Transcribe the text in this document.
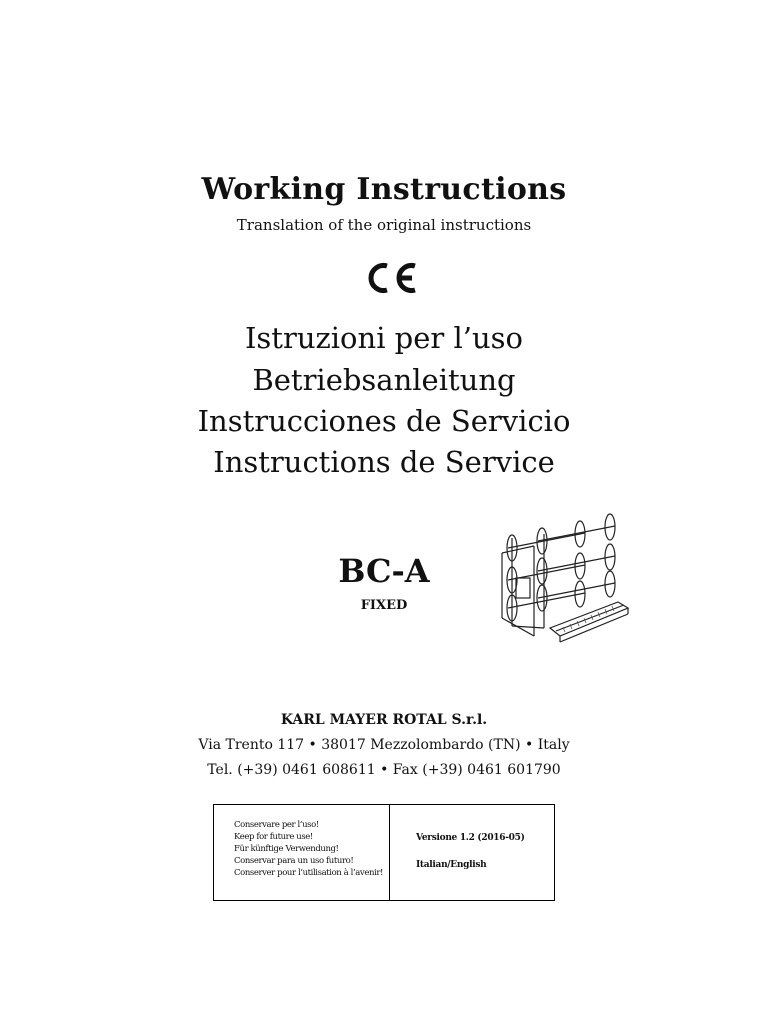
Working Instructions
Translation of the original instructions
Istruzioni per l’uso
Betriebsanleitung
Instrucciones de Servicio
Instructions de Service
BC-A
FIXED
KARL MAYER ROTAL S.r.l.
Via Trento 117 • 38017 Mezzolombardo (TN) • Italy
Tel. (+39) 0461 608611 • Fax (+39) 0461 601790
Conservare per l’uso!
Keep for future use!
Für künftige Verwendung!
Conservar para un uso futuro!
Conserver pour l’utilisation à l’avenir!
Versione 1.2 (2016-05)
Italian/English
